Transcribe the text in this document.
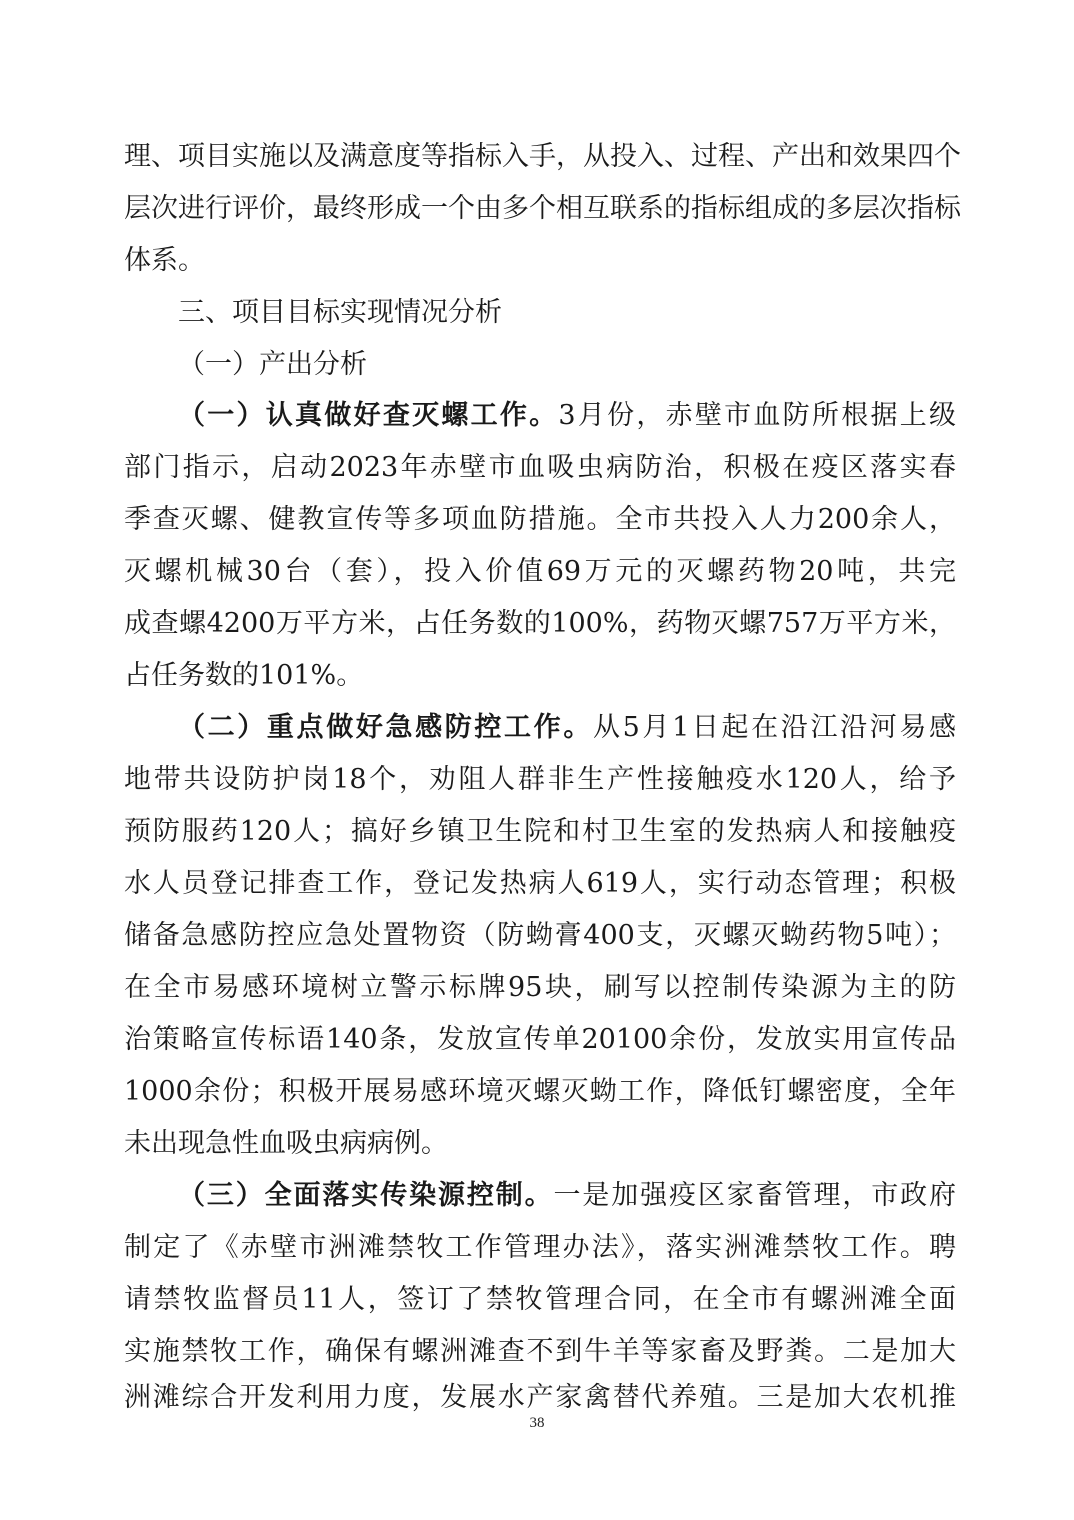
理、项目实施以及满意度等指标入手，从投入、过程、产出和效果四个
层次进行评价，最终形成一个由多个相互联系的指标组成的多层次指标
体系。
三、项目目标实现情况分析
（一）产出分析
（一）认真做好查灭螺工作。3月份，赤壁市血防所根据上级
部门指示，启动2023年赤壁市血吸虫病防治，积极在疫区落实春
季查灭螺、健教宣传等多项血防措施。全市共投入人力200余人，
灭螺机械30台（套），投入价值69万元的灭螺药物20吨，共完
成查螺4200万平方米，占任务数的100%，药物灭螺757万平方米，
占任务数的101%。
（二）重点做好急感防控工作。从5月1日起在沿江沿河易感
地带共设防护岗18个，劝阻人群非生产性接触疫水120人，给予
预防服药120人；搞好乡镇卫生院和村卫生室的发热病人和接触疫
水人员登记排查工作，登记发热病人619人，实行动态管理；积极
储备急感防控应急处置物资（防蚴膏400支，灭螺灭蚴药物5吨）；
在全市易感环境树立警示标牌95块，刷写以控制传染源为主的防
治策略宣传标语140条，发放宣传单20100余份，发放实用宣传品
1000余份；积极开展易感环境灭螺灭蚴工作，降低钉螺密度，全年
未出现急性血吸虫病病例。
（三）全面落实传染源控制。一是加强疫区家畜管理，市政府
制定了《赤壁市洲滩禁牧工作管理办法》，落实洲滩禁牧工作。聘
请禁牧监督员11人，签订了禁牧管理合同，在全市有螺洲滩全面
实施禁牧工作，确保有螺洲滩查不到牛羊等家畜及野粪。二是加大
洲滩综合开发利用力度，发展水产家禽替代养殖。三是加大农机推
38
